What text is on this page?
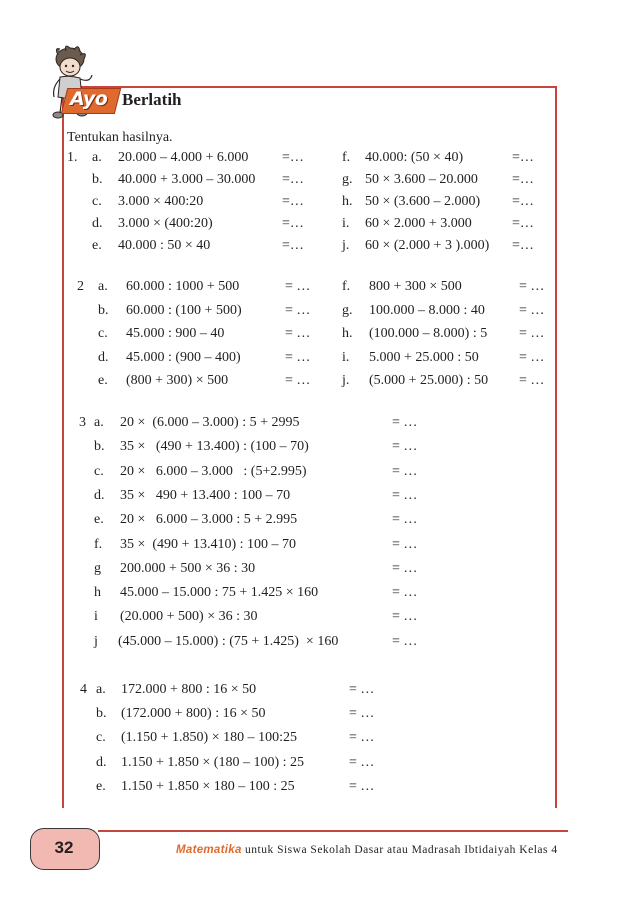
Ayo Berlatih
Tentukan hasilnya.
1. a. 20.000 – 4.000 + 6.000 =…
b. 40.000 + 3.000 – 30.000 =…
c. 3.000 × 400:20	=…
d. 3.000 × (400:20)	=…
e. 40.000 : 50 × 40	=…
f. 40.000: (50 × 40)	=…
g. 50 × 3.600 – 20.000 =…
h. 50 × (3.600 – 2.000) =…
i. 60 × 2.000 + 3.000	=…
j. 60 × (2.000 + 3 ).000) =…
2 a. 60.000 : 1000 + 500	= …
b. 60.000 : (100 + 500)	= …
c. 45.000 : 900 – 40	= …
d. 45.000 : (900 – 400)	= …
e. (800 + 300) × 500	= …
f. 800 + 300 × 500	= …
g. 100.000 – 8.000 : 40 = …
h. (100.000 – 8.000) : 5 = …
i. 5.000 + 25.000 : 50	= …
j. (5.000 + 25.000) : 50 = …
3 a. 20 ×  (6.000 – 3.000) : 5 + 2995	= …
b. 35 ×   (490 + 13.400) : (100 – 70)	= …
c. 20 ×   6.000 – 3.000   : (5+2.995)	= …
d. 35 ×   490 + 13.400 : 100 – 70	= …
e. 20 ×   6.000 – 3.000 : 5 + 2.995	= …
f. 35 ×  (490 + 13.410) : 100 – 70	= …
g 200.000 + 500 × 36 : 30	= …
h 45.000 – 15.000 : 75 + 1.425 × 160	= …
i (20.000 + 500) × 36 : 30	= …
j (45.000 – 15.000) : (75 + 1.425)  × 160	= …
4 a. 172.000 + 800 : 16 × 50	= …
b. (172.000 + 800) : 16 × 50	= …
c. (1.150 + 1.850) × 180 – 100:25	= …
d. 1.150 + 1.850 × (180 – 100) : 25	= …
e. 1.150 + 1.850 × 180 – 100 : 25	= …
32	Matematika untuk Siswa Sekolah Dasar atau Madrasah Ibtidaiyah Kelas 4
